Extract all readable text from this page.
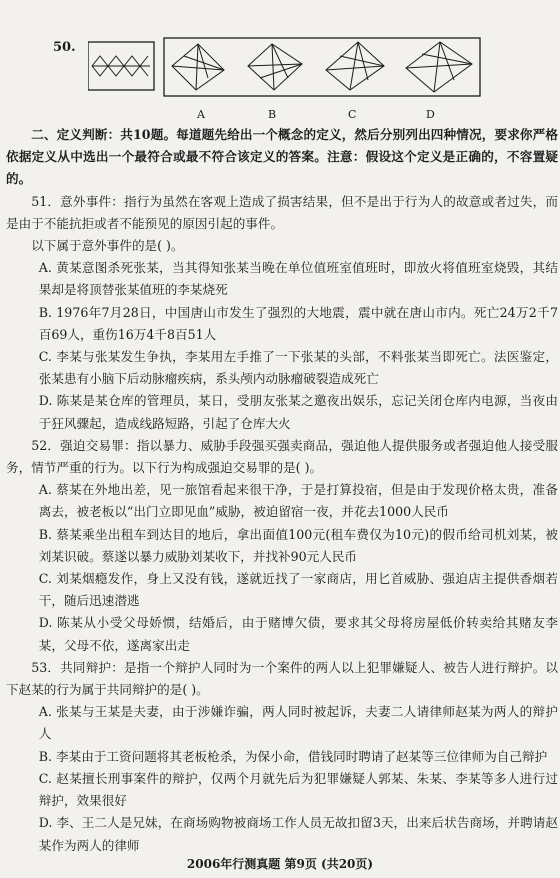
50.
A	B	C	D

二、定义判断：共10题。每道题先给出一个概念的定义，然后分别列出四种情况，要求你严格依据定义从中选出一个最符合或最不符合该定义的答案。注意：假设这个定义是正确的，不容置疑的。

51．意外事件：指行为虽然在客观上造成了损害结果，但不是出于行为人的故意或者过失，而是由于不能抗拒或者不能预见的原因引起的事件。

以下属于意外事件的是( )。

A. 黄某意图杀死张某，当其得知张某当晚在单位值班室值班时，即放火将值班室烧毁，其结果却是将顶替张某值班的李某烧死

B. 1976年7月28日，中国唐山市发生了强烈的大地震，震中就在唐山市内。死亡24万2千7百69人，重伤16万4千8百51人

C. 李某与张某发生争执，李某用左手推了一下张某的头部，不料张某当即死亡。法医鉴定，张某患有小脑下后动脉瘤疾病，系头颅内动脉瘤破裂造成死亡

D. 陈某是某仓库的管理员，某日，受朋友张某之邀夜出娱乐，忘记关闭仓库内电源，当夜由于狂风骤起，造成线路短路，引起了仓库大火

52．强迫交易罪：指以暴力、威胁手段强买强卖商品，强迫他人提供服务或者强迫他人接受服务，情节严重的行为。以下行为构成强迫交易罪的是( )。

A. 蔡某在外地出差，见一旅馆看起来很干净，于是打算投宿，但是由于发现价格太贵，准备离去，被老板以“出门立即见血”威胁，被迫留宿一夜，并花去1000人民币

B. 蔡某乘坐出租车到达目的地后，拿出面值100元(租车费仅为10元)的假币给司机刘某，被刘某识破。蔡遂以暴力威胁刘某收下，并找补90元人民币

C. 刘某烟瘾发作，身上又没有钱，遂就近找了一家商店，用匕首威胁、强迫店主提供香烟若干，随后迅速潜逃

D. 陈某从小受父母娇惯，结婚后，由于赌博欠债，要求其父母将房屋低价转卖给其赌友李某，父母不依，遂离家出走

53．共同辩护：是指一个辩护人同时为一个案件的两人以上犯罪嫌疑人、被告人进行辩护。以下赵某的行为属于共同辩护的是( )。

A. 张某与王某是夫妻，由于涉嫌诈骗，两人同时被起诉，夫妻二人请律师赵某为两人的辩护人

B. 李某由于工资问题将其老板枪杀，为保小命，借钱同时聘请了赵某等三位律师为自己辩护

C. 赵某擅长刑事案件的辩护，仅两个月就先后为犯罪嫌疑人郭某、朱某、李某等多人进行过辩护，效果很好

D. 李、王二人是兄妹，在商场购物被商场工作人员无故扣留3天，出来后状告商场，并聘请赵某作为两人的律师

2006年行测真题 第9页 (共20页)
